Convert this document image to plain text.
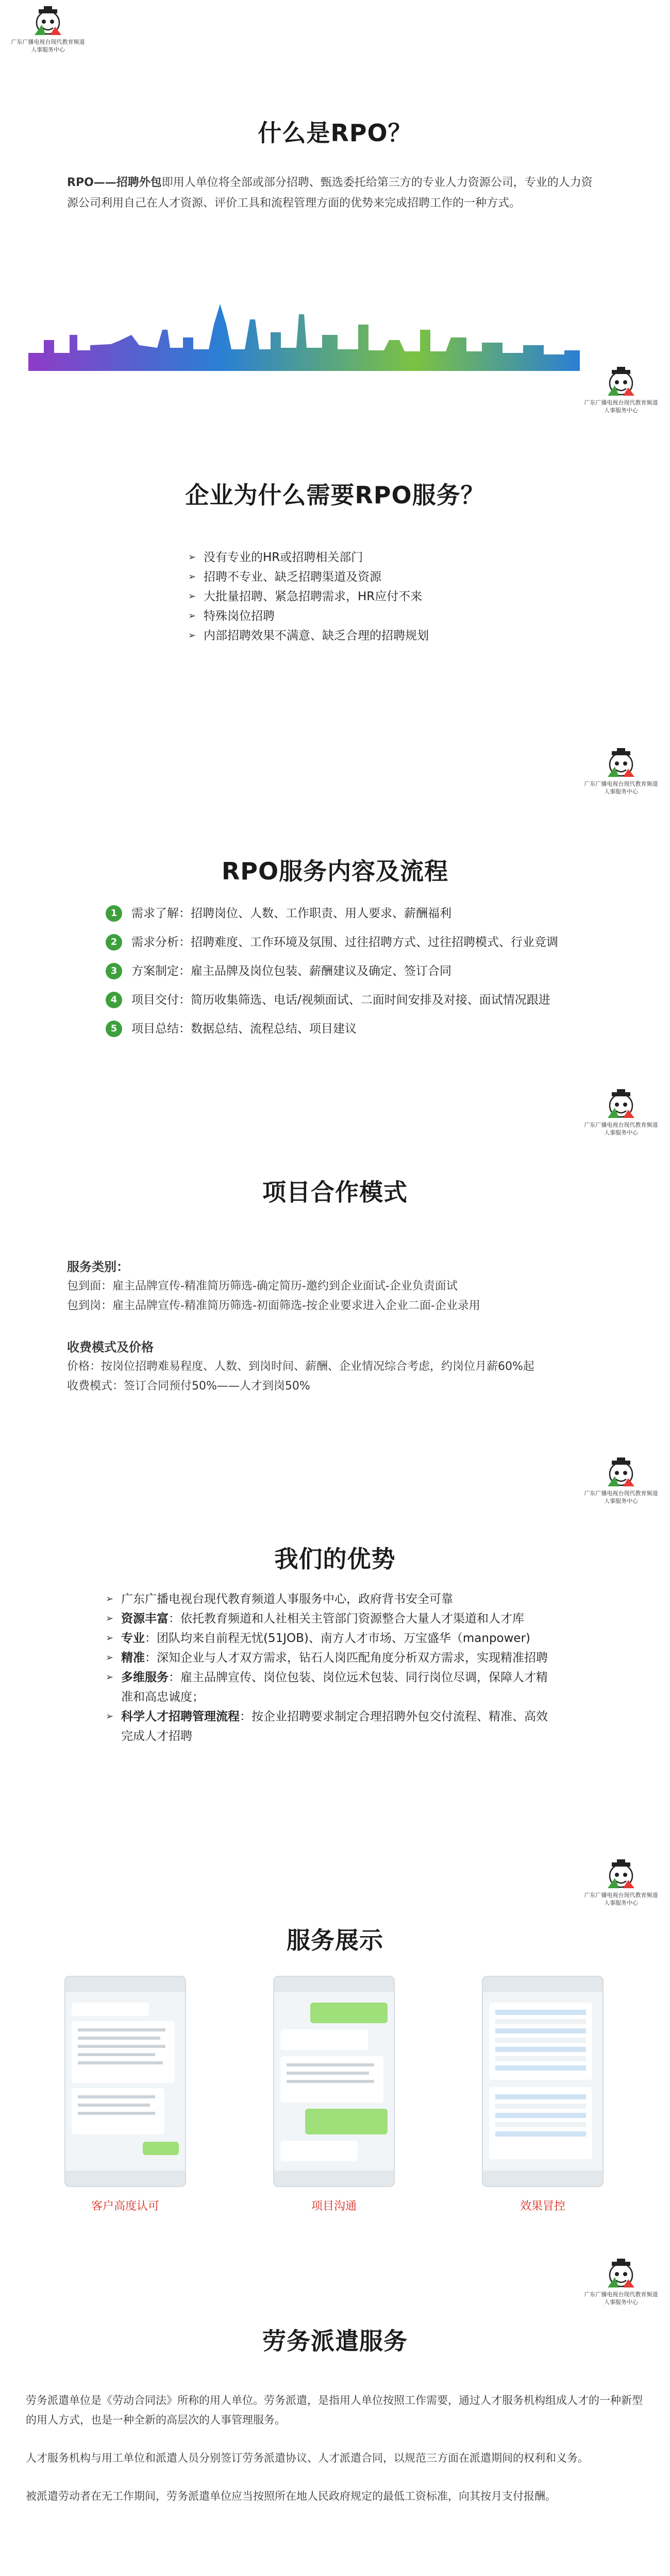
广东广播电视台现代教育频道
人事服务中心
什么是RPO？
RPO——招聘外包即用人单位将全部或部分招聘、甄选委托给第三方的专业人力资源公司，专业的人力资源公司利用自己在人才资源、评价工具和流程管理方面的优势来完成招聘工作的一种方式。
广东广播电视台现代教育频道
人事服务中心
企业为什么需要RPO服务？
➢ 没有专业的HR或招聘相关部门
➢ 招聘不专业、缺乏招聘渠道及资源
➢ 大批量招聘、紧急招聘需求，HR应付不来
➢ 特殊岗位招聘
➢ 内部招聘效果不满意、缺乏合理的招聘规划
广东广播电视台现代教育频道
人事服务中心
RPO服务内容及流程
1	需求了解：招聘岗位、人数、工作职责、用人要求、薪酬福利
2	需求分析：招聘难度、工作环境及氛围、过往招聘方式、过往招聘模式、行业竞调
3	方案制定：雇主品牌及岗位包装、薪酬建议及确定、签订合同
4	项目交付：简历收集筛选、电话/视频面试、二面时间安排及对接、面试情况跟进
5	项目总结：数据总结、流程总结、项目建议
广东广播电视台现代教育频道
人事服务中心
项目合作模式
服务类别：
包到面：雇主品牌宣传-精准简历筛选-确定简历-邀约到企业面试-企业负责面试
包到岗：雇主品牌宣传-精准简历筛选-初面筛选-按企业要求进入企业二面-企业录用
收费模式及价格
价格：按岗位招聘难易程度、人数、到岗时间、薪酬、企业情况综合考虑，约岗位月薪60%起
收费模式：签订合同预付50%——人才到岗50%
广东广播电视台现代教育频道
人事服务中心
我们的优势
➢ 广东广播电视台现代教育频道人事服务中心，政府背书安全可靠
➢ 资源丰富：依托教育频道和人社相关主管部门资源整合大量人才渠道和人才库
➢ 专业：团队均来自前程无忧(51JOB)、南方人才市场、万宝盛华（manpower)
➢ 精准：深知企业与人才双方需求，钻石人岗匹配角度分析双方需求，实现精准招聘
➢ 多维服务：雇主品牌宣传、岗位包装、岗位远术包装、同行岗位尽调，保障人才精准和高忠诚度；
➢ 科学人才招聘管理流程：按企业招聘要求制定合理招聘外包交付流程、精准、高效完成人才招聘
广东广播电视台现代教育频道
人事服务中心
服务展示
客户高度认可	项目沟通	效果冒控
广东广播电视台现代教育频道
人事服务中心
劳务派遣服务
劳务派遣单位是《劳动合同法》所称的用人单位。劳务派遣，是指用人单位按照工作需要，通过人才服务机构组成人才的一种新型的用人方式，也是一种全新的高层次的人事管理服务。
人才服务机构与用工单位和派遣人员分别签订劳务派遣协议、人才派遣合同，以规范三方面在派遣期间的权利和义务。
被派遣劳动者在无工作期间，劳务派遣单位应当按照所在地人民政府规定的最低工资标准，向其按月支付报酬。
